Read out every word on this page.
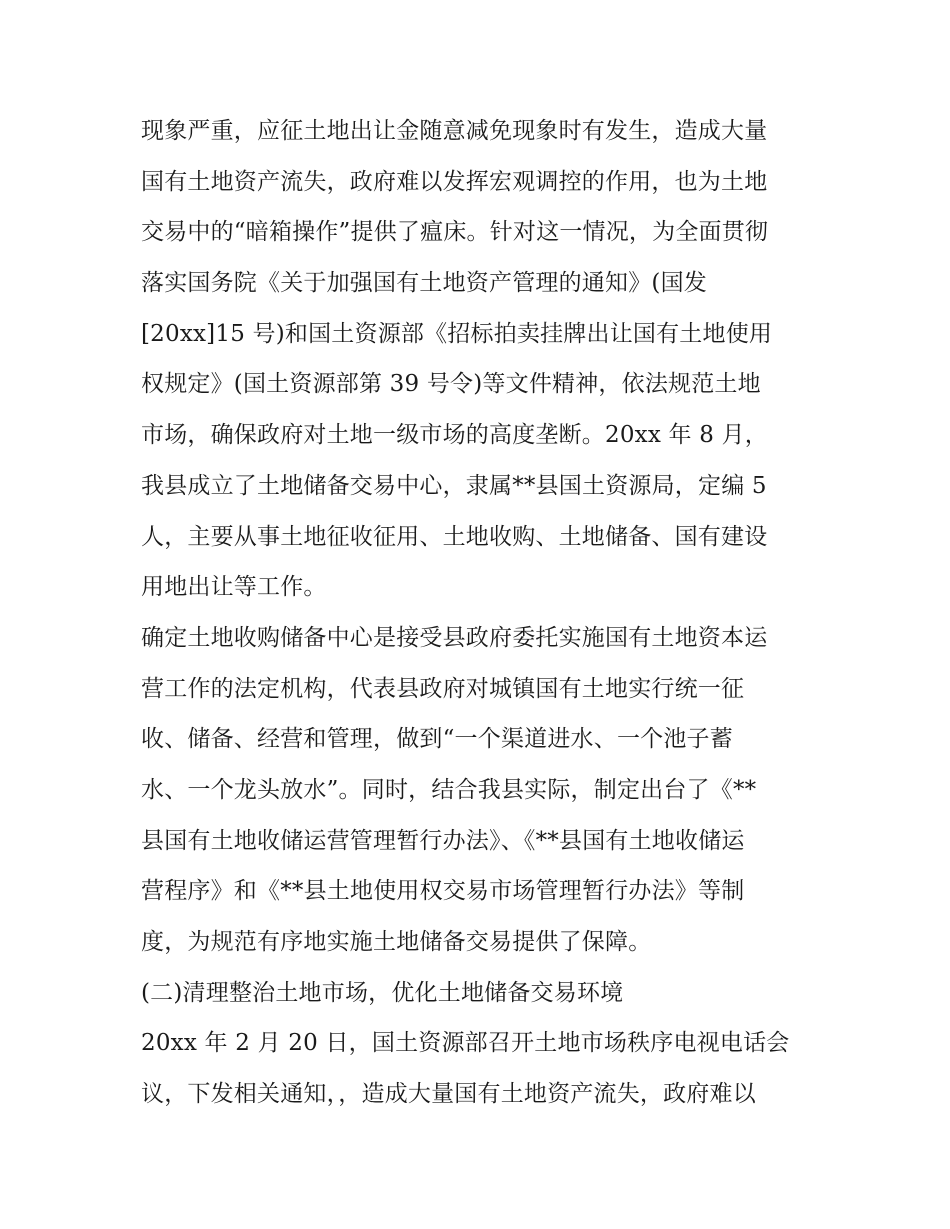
现象严重，应征土地出让金随意减免现象时有发生，造成大量
国有土地资产流失，政府难以发挥宏观调控的作用，也为土地
交易中的“暗箱操作”提供了瘟床。针对这一情况，为全面贯彻
落实国务院《关于加强国有土地资产管理的通知》(国发
[20xx]15 号)和国土资源部《招标拍卖挂牌出让国有土地使用
权规定》(国土资源部第 39 号令)等文件精神，依法规范土地
市场，确保政府对土地一级市场的高度垄断。20xx 年 8 月，
我县成立了土地储备交易中心，隶属**县国土资源局，定编 5
人，主要从事土地征收征用、土地收购、土地储备、国有建设
用地出让等工作。
确定土地收购储备中心是接受县政府委托实施国有土地资本运
营工作的法定机构，代表县政府对城镇国有土地实行统一征
收、储备、经营和管理，做到“一个渠道进水、一个池子蓄
水、一个龙头放水”。同时，结合我县实际，制定出台了《**
县国有土地收储运营管理暂行办法》、《**县国有土地收储运
营程序》和《**县土地使用权交易市场管理暂行办法》等制
度，为规范有序地实施土地储备交易提供了保障。
(二)清理整治土地市场，优化土地储备交易环境
20xx 年 2 月 20 日，国土资源部召开土地市场秩序电视电话会
议，下发相关通知，，造成大量国有土地资产流失，政府难以
